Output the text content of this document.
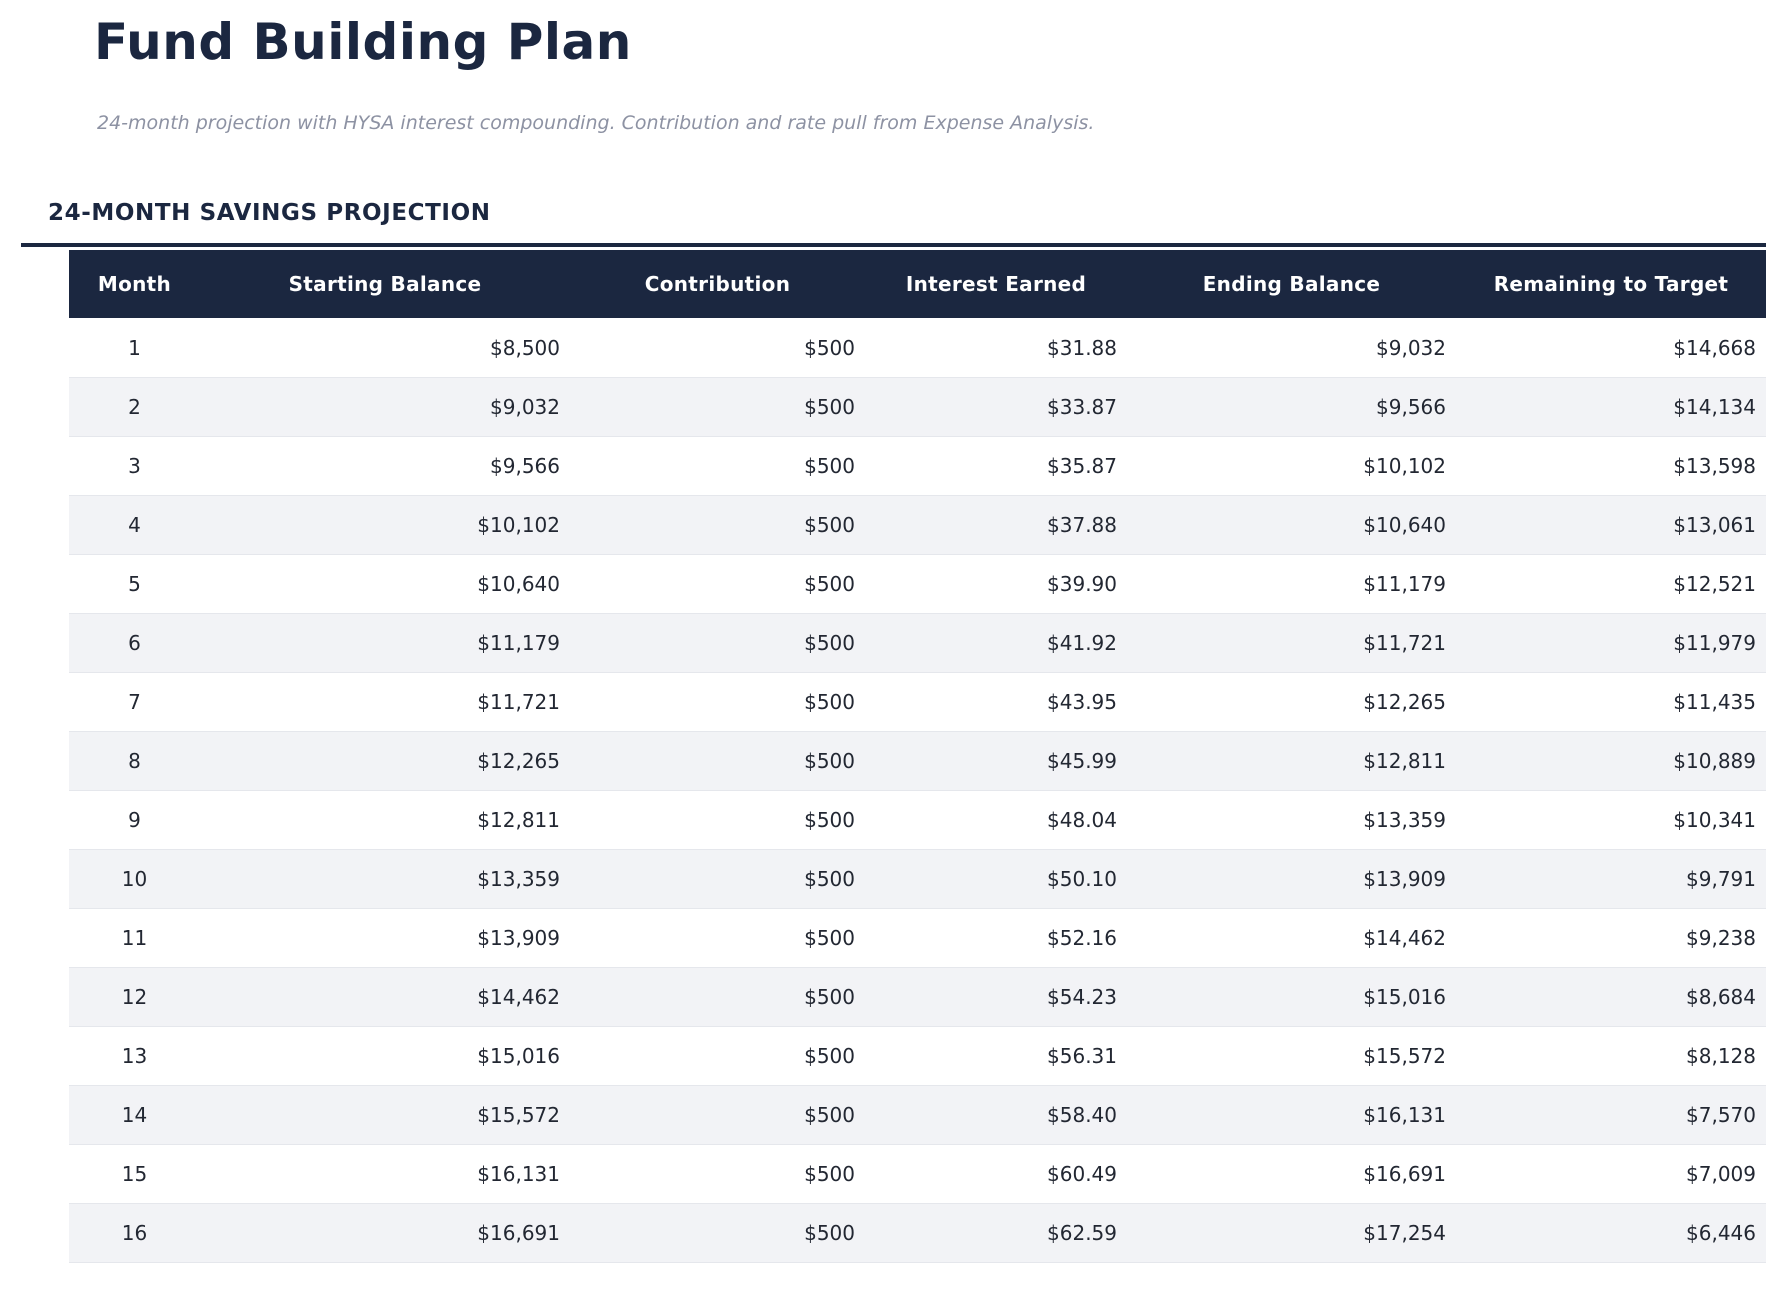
Fund Building Plan

24-month projection with HYSA interest compounding. Contribution and rate pull from Expense Analysis.

24-MONTH SAVINGS PROJECTION
Month	Starting Balance	Contribution	Interest Earned	Ending Balance	Remaining to Target
1	$8,500	$500	$31.88	$9,032	$14,668
2	$9,032	$500	$33.87	$9,566	$14,134
3	$9,566	$500	$35.87	$10,102	$13,598
4	$10,102	$500	$37.88	$10,640	$13,061
5	$10,640	$500	$39.90	$11,179	$12,521
6	$11,179	$500	$41.92	$11,721	$11,979
7	$11,721	$500	$43.95	$12,265	$11,435
8	$12,265	$500	$45.99	$12,811	$10,889
9	$12,811	$500	$48.04	$13,359	$10,341
10	$13,359	$500	$50.10	$13,909	$9,791
11	$13,909	$500	$52.16	$14,462	$9,238
12	$14,462	$500	$54.23	$15,016	$8,684
13	$15,016	$500	$56.31	$15,572	$8,128
14	$15,572	$500	$58.40	$16,131	$7,570
15	$16,131	$500	$60.49	$16,691	$7,009
16	$16,691	$500	$62.59	$17,254	$6,446
